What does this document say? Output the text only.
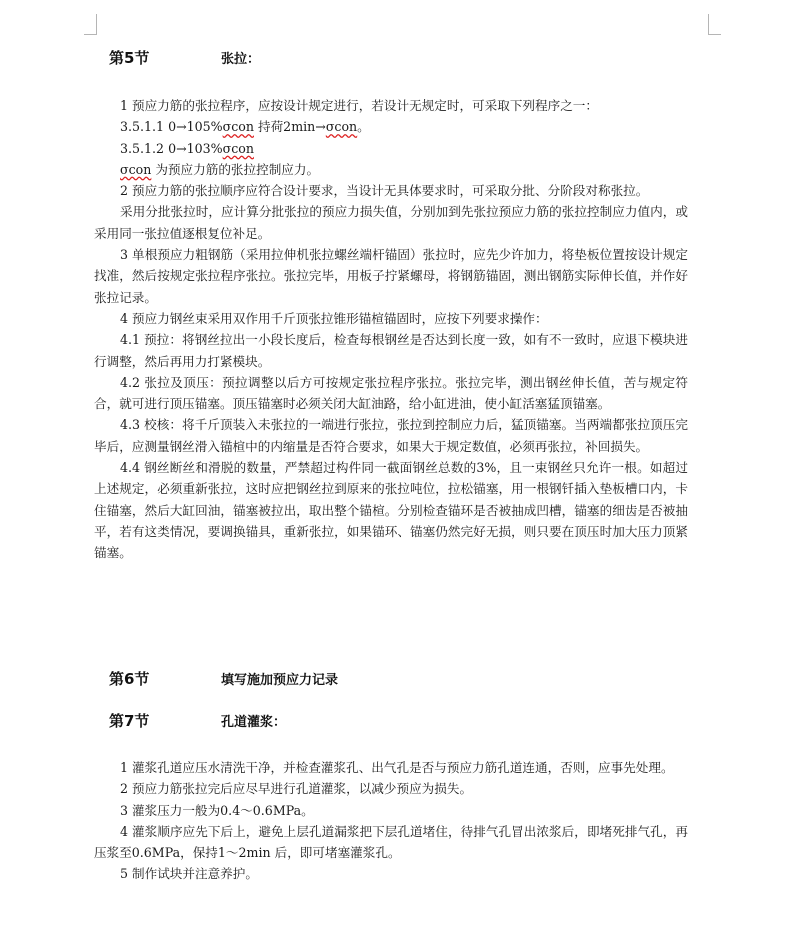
第5节	张拉：

1 预应力筋的张拉程序，应按设计规定进行，若设计无规定时，可采取下列程序之一：

3.5.1.1 0→105%σcon 持荷2min→σcon。

3.5.1.2 0→103%σcon

σcon 为预应力筋的张拉控制应力。

2 预应力筋的张拉顺序应符合设计要求，当设计无具体要求时，可采取分批、分阶段对称张拉。

采用分批张拉时，应计算分批张拉的预应力损失值，分别加到先张拉预应力筋的张拉控制应力值内，或采用同一张拉值逐根复位补足。

3 单根预应力粗钢筋（采用拉伸机张拉螺丝端杆锚固）张拉时，应先少许加力，将垫板位置按设计规定找准，然后按规定张拉程序张拉。张拉完毕，用板子拧紧螺母，将钢筋锚固，测出钢筋实际伸长值，并作好张拉记录。

4 预应力钢丝束采用双作用千斤顶张拉锥形锚楦锚固时，应按下列要求操作：

4.1 预拉：将钢丝拉出一小段长度后，检查每根钢丝是否达到长度一致，如有不一致时，应退下模块进行调整，然后再用力打紧模块。

4.2 张拉及顶压：预拉调整以后方可按规定张拉程序张拉。张拉完毕，测出钢丝伸长值，苦与规定符合，就可进行顶压锚塞。顶压锚塞时必须关闭大缸油路，给小缸进油，使小缸活塞猛顶锚塞。

4.3 校核：将千斤顶装入未张拉的一端进行张拉，张拉到控制应力后，猛顶锚塞。当两端都张拉顶压完毕后，应测量钢丝滑入锚楦中的内缩量是否符合要求，如果大于规定数值，必须再张拉，补回损失。

4.4 钢丝断丝和滑脱的数量，严禁超过构件同一截面钢丝总数的3%，且一束钢丝只允许一根。如超过上述规定，必须重新张拉，这时应把钢丝拉到原来的张拉吨位，拉松锚塞，用一根钢钎插入垫板槽口内，卡住锚塞，然后大缸回油，锚塞被拉出，取出整个锚楦。分别检查锚环是否被抽成凹槽，锚塞的细齿是否被抽平，若有这类情况，要调换锚具，重新张拉，如果锚环、锚塞仍然完好无损，则只要在顶压时加大压力顶紧锚塞。

第6节	填写施加预应力记录
第7节	孔道灌浆：

1 灌浆孔道应压水清洗干净，并检查灌浆孔、出气孔是否与预应力筋孔道连通，否则，应事先处理。

2 预应力筋张拉完后应尽早进行孔道灌浆，以减少预应为损失。

3 灌浆压力一般为0.4～0.6MPa。

4 灌浆顺序应先下后上，避免上层孔道漏浆把下层孔道堵住，待排气孔冒出浓浆后，即堵死排气孔，再压浆至0.6MPa，保持1～2min 后，即可堵塞灌浆孔。

5 制作试块并注意养护。
